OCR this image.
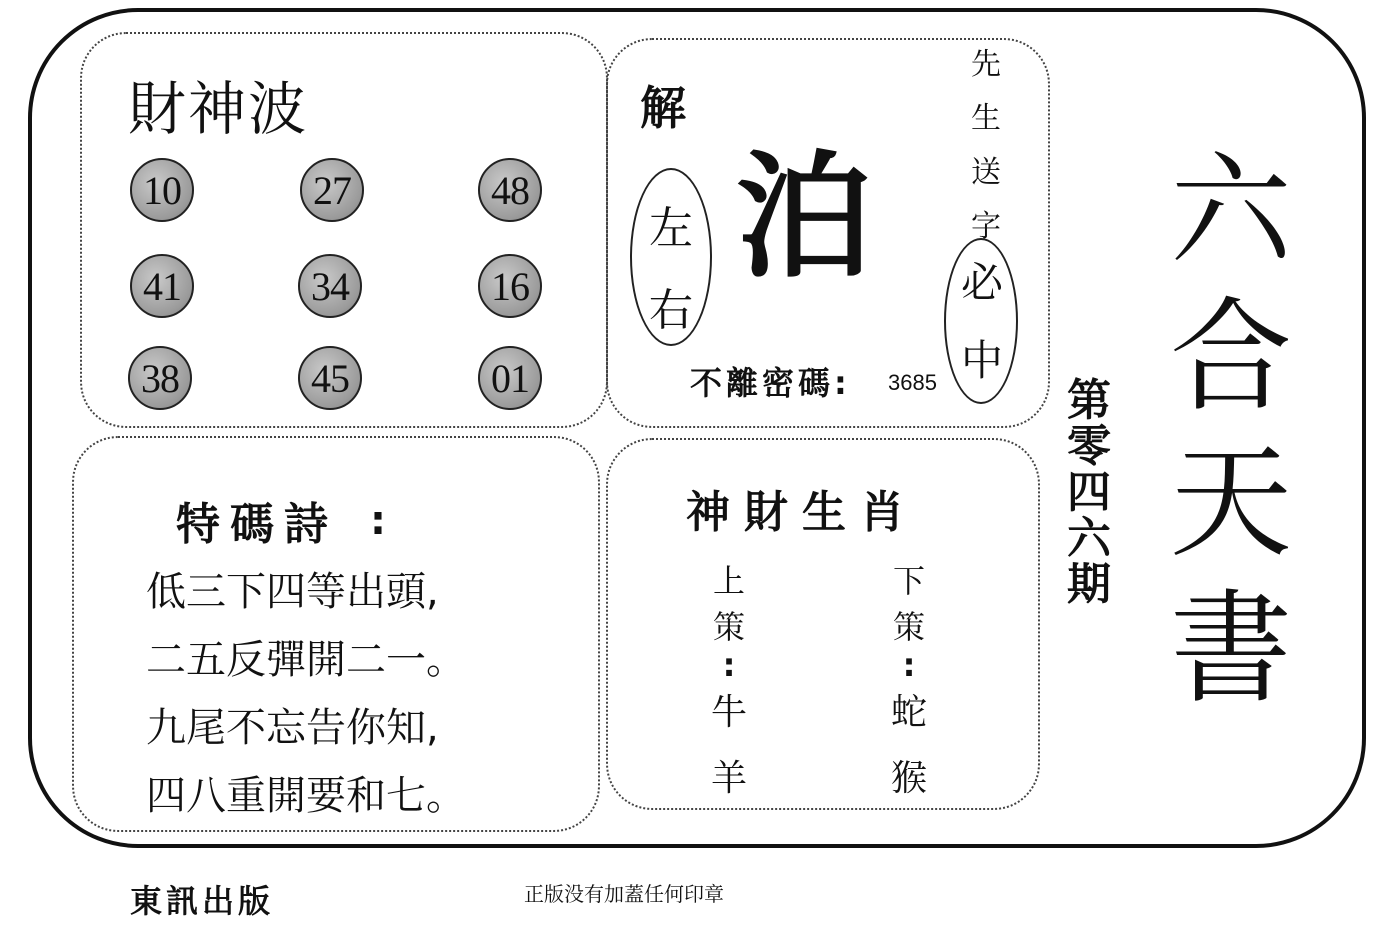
財神波
10	27	48
41	34	16
38	45	01
解
左
右
泊
先
生
送
字
必
中
不離密碼: 3685
特碼詩 :
低三下四等出頭,
二五反彈開二一。
九尾不忘告你知,
四八重開要和七。
神財生肖
上
策
:
牛
羊
下
策
:
蛇
猴
第零四六期
六合天書
東訊出版	正版没有加蓋任何印章
